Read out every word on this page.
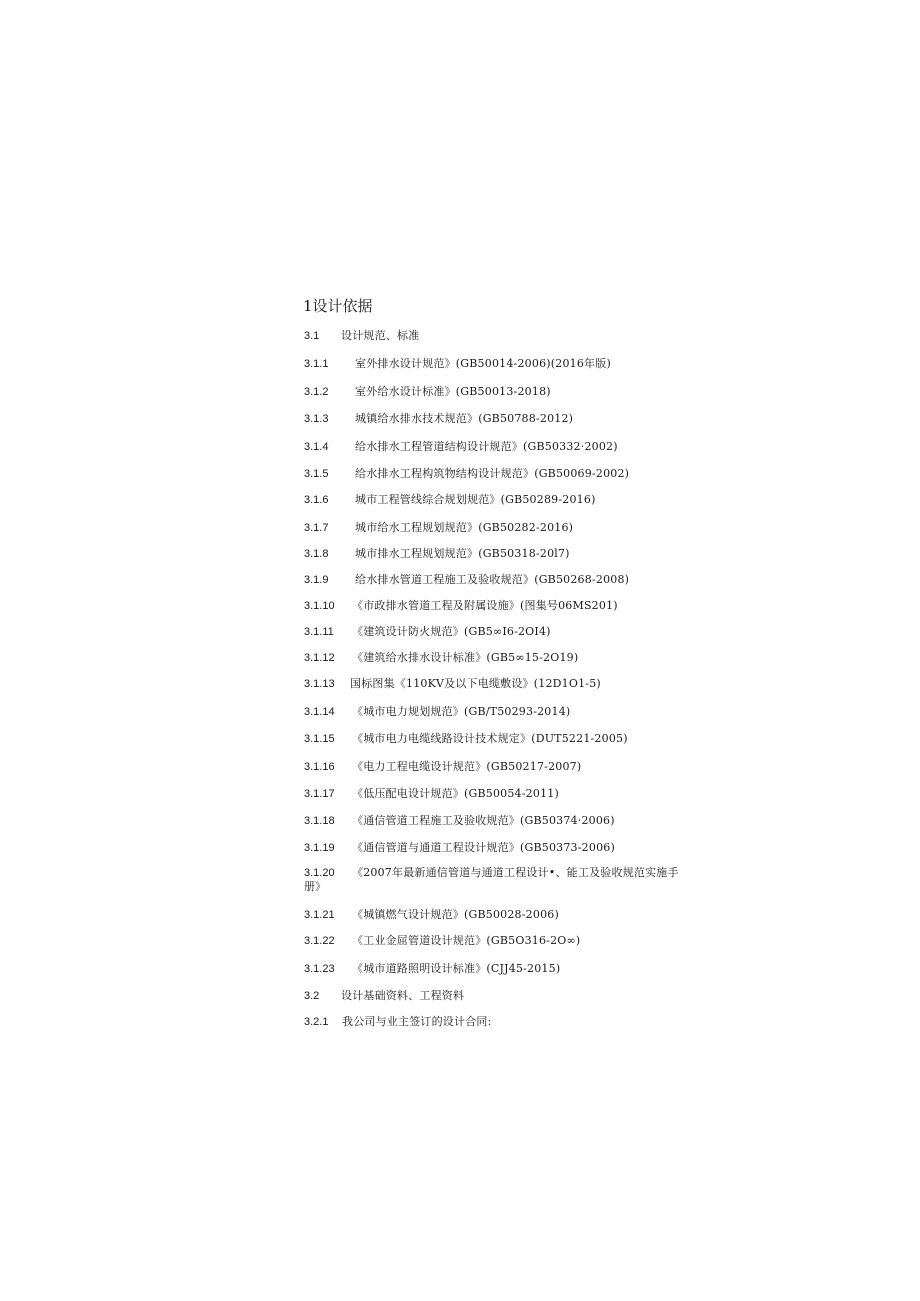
1设计依据
3.1 设计规范、标准
3.1.1 室外排水设计规范》(GB50014-2006)(2016年版)
3.1.2 室外给水设计标准》(GB50013-2018)
3.1.3 城镇给水排水技术规范》(GB50788-2012)
3.1.4 给水排水工程管道结构设计规范》(GB50332·2002)
3.1.5 给水排水工程构筑物结构设计规范》(GB50069-2002)
3.1.6 城市工程管线综合规划规范》(GB50289-2016)
3.1.7 城市给水工程规划规范》(GB50282-2016)
3.1.8 城市排水工程规划规范》(GB50318-20l7)
3.1.9 给水排水管道工程施工及验收规范》(GB50268-2008)
3.1.10 《市政排水管道工程及附属设施》(图集号06MS201)
3.1.11 《建筑设计防火规范》(GB5∞I6-2OI4)
3.1.12 《建筑给水排水设计标准》(GB5∞15-2O19)
3.1.13 国标图集《110KV及以下电缆敷设》(12D1O1-5)
3.1.14 《城市电力规划规范》(GB/T50293-2014)
3.1.15 《城市电力电缆线路设计技术规定》(DUT5221-2005)
3.1.16 《电力工程电缆设计规范》(GB50217-2007)
3.1.17 《低压配电设计规范》(GB50054-2011)
3.1.18 《通信管道工程施工及验收规范》(GB50374·2006)
3.1.19 《通信管道与通道工程设计规范》(GB50373-2006)
3.1.20 《2007年最新通信管道与通道工程设计•、能工及验收规范实施手
册》
3.1.21 《城镇燃气设计规范》(GB50028-2006)
3.1.22 《工业金屈管道设计规范》(GB5O316-2O∞)
3.1.23 《城市道路照明设计标准》(CJJ45-2015)
3.2 设计基础资料、工程资料
3.2.1 我公司与业主签订的设计合同:
